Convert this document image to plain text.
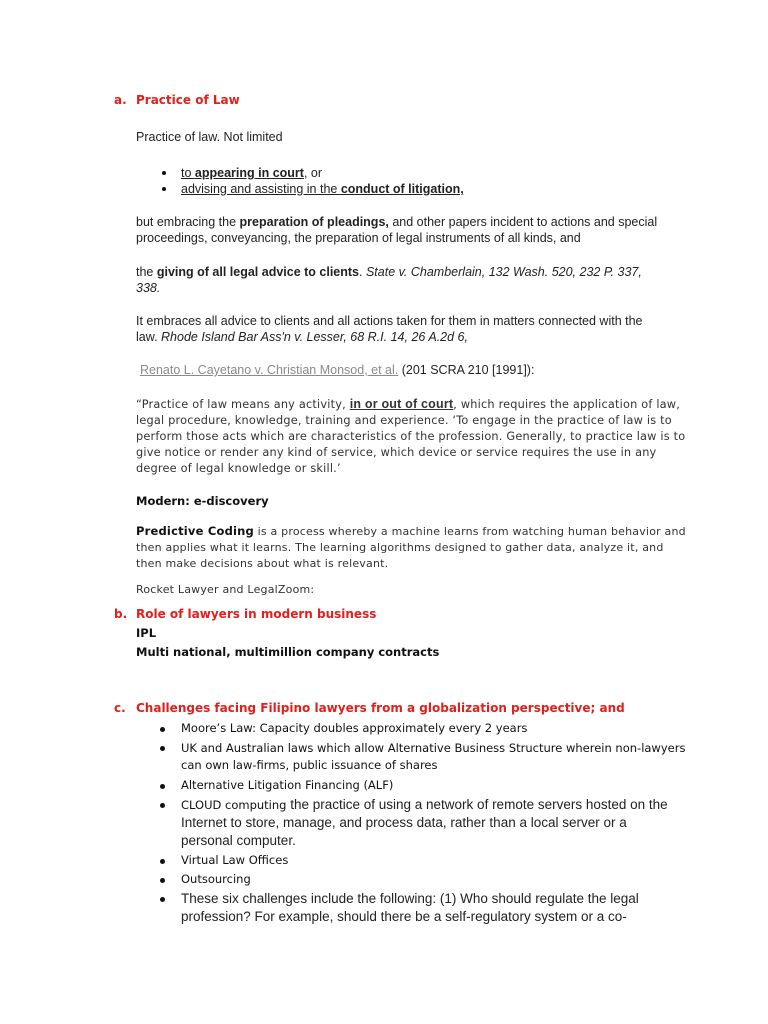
a. Practice of Law
Practice of law. Not limited
to appearing in court, or
advising and assisting in the conduct of litigation,
but embracing the preparation of pleadings, and other papers incident to actions and special
proceedings, conveyancing, the preparation of legal instruments of all kinds, and
the giving of all legal advice to clients. State v. Chamberlain, 132 Wash. 520, 232 P. 337,
338.
It embraces all advice to clients and all actions taken for them in matters connected with the
law. Rhode Island Bar Ass'n v. Lesser, 68 R.I. 14, 26 A.2d 6,
Renato L. Cayetano v. Christian Monsod, et al. (201 SCRA 210 [1991]):
“Practice of law means any activity, in or out of court, which requires the application of law,
legal procedure, knowledge, training and experience. ‘To engage in the practice of law is to
perform those acts which are characteristics of the profession. Generally, to practice law is to
give notice or render any kind of service, which device or service requires the use in any
degree of legal knowledge or skill.’
Modern: e-discovery
Predictive Coding is a process whereby a machine learns from watching human behavior and
then applies what it learns. The learning algorithms designed to gather data, analyze it, and
then make decisions about what is relevant.
Rocket Lawyer and LegalZoom:
b. Role of lawyers in modern business
IPL
Multi national, multimillion company contracts
c. Challenges facing Filipino lawyers from a globalization perspective; and
Moore’s Law: Capacity doubles approximately every 2 years
UK and Australian laws which allow Alternative Business Structure wherein non-lawyers
can own law-firms, public issuance of shares
Alternative Litigation Financing (ALF)
CLOUD computing the practice of using a network of remote servers hosted on the
Internet to store, manage, and process data, rather than a local server or a
personal computer.
Virtual Law Offices
Outsourcing
These six challenges include the following: (1) Who should regulate the legal
profession? For example, should there be a self-regulatory system or a co-
